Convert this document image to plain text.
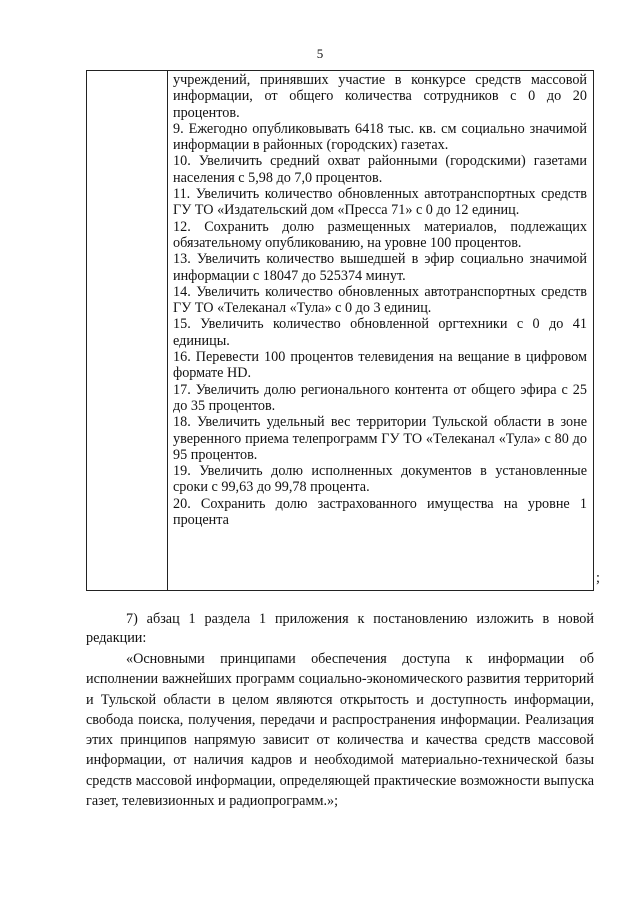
5

учреждений, принявших участие в конкурсе средств массовой информации, от общего количества сотрудников с 0 до 20 процентов.

9. Ежегодно опубликовывать 6418 тыс. кв. см социально значимой информации в районных (городских) газетах.

10. Увеличить средний охват районными (городскими) газетами населения с 5,98 до 7,0 процентов.

11. Увеличить количество обновленных автотранспортных средств ГУ ТО «Издательский дом «Пресса 71» с 0 до 12 единиц.

12. Сохранить долю размещенных материалов, подлежащих обязательному опубликованию, на уровне 100 процентов.

13. Увеличить количество вышедшей в эфир социально значимой информации с 18047 до 525374 минут.

14. Увеличить количество обновленных автотранспортных средств ГУ ТО «Телеканал «Тула» с 0 до 3 единиц.

15. Увеличить количество обновленной оргтехники с 0 до 41 единицы.

16. Перевести 100 процентов телевидения на вещание в цифровом формате HD.

17. Увеличить долю регионального контента от общего эфира с 25 до 35 процентов.

18. Увеличить удельный вес территории Тульской области в зоне уверенного приема телепрограмм ГУ ТО «Телеканал «Тула» с 80 до 95 процентов.

19. Увеличить долю исполненных документов в установленные сроки с 99,63 до 99,78 процента.

20. Сохранить долю застрахованного имущества на уровне 1 процента

;

7) абзац 1 раздела 1 приложения к постановлению изложить в новой редакции:

«Основными принципами обеспечения доступа к информации об исполнении важнейших программ социально-экономического развития территорий и Тульской области в целом являются открытость и доступность информации, свобода поиска, получения, передачи и распространения информации. Реализация этих принципов напрямую зависит от количества и качества средств массовой информации, от наличия кадров и необходимой материально-технической базы средств массовой информации, определяющей практические возможности выпуска газет, телевизионных и радиопрограмм.»;
